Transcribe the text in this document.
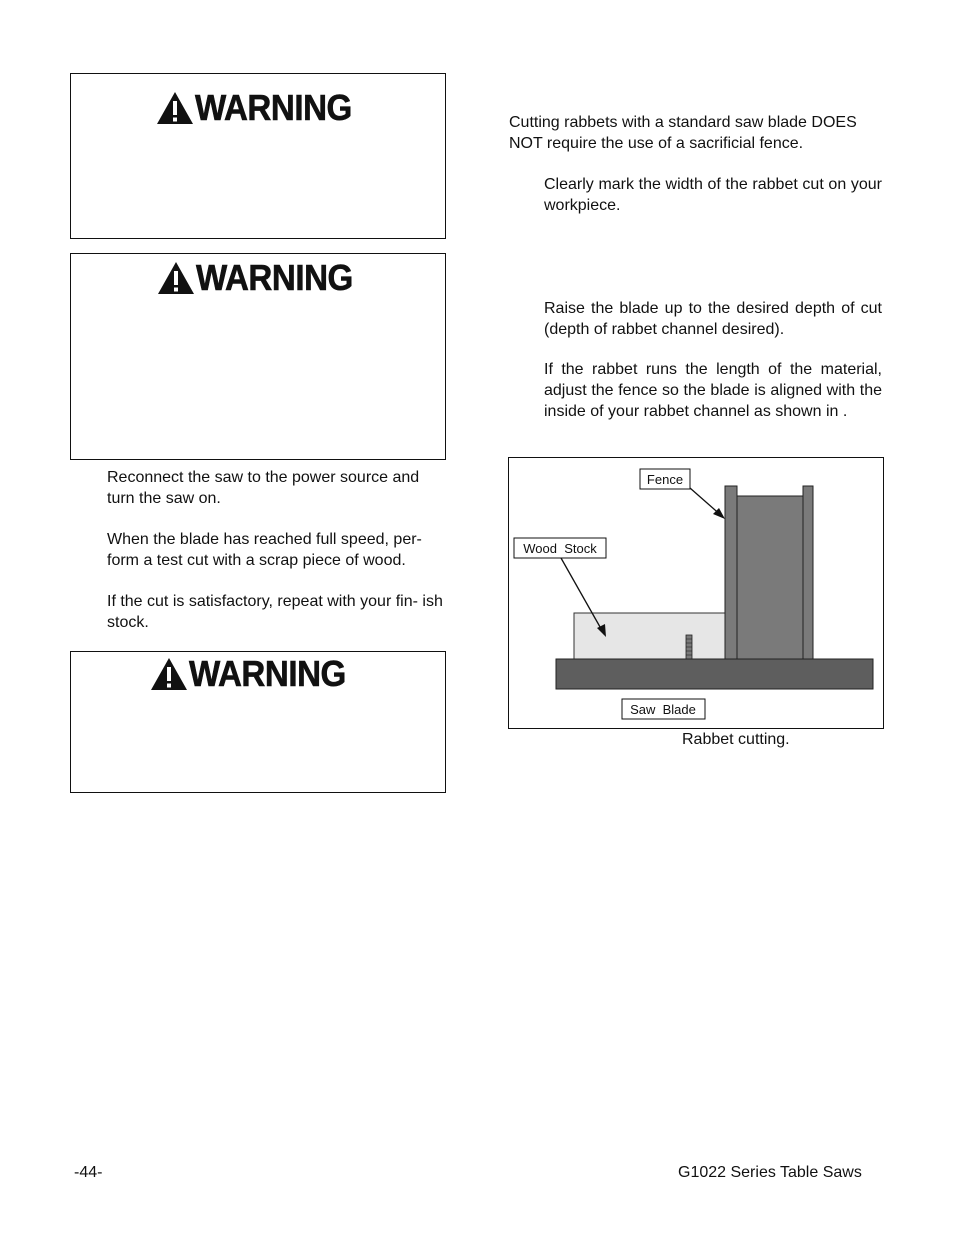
WARNING
WARNING

Reconnect the saw to the power source and turn the saw on.

When the blade has reached full speed, per- form a test cut with a scrap piece of wood.

If the cut is satisfactory, repeat with your fin- ish stock.

WARNING

Cutting rabbets with a standard saw blade DOES NOT require the use of a sacrificial fence.

Clearly mark the width of the rabbet cut on your workpiece.

Raise the blade up to the desired depth of cut (depth of rabbet channel desired).

If the rabbet runs the length of the material, adjust the fence so the blade is aligned with the inside of your rabbet channel as shown in .

Fence
Wood  Stock
Saw  Blade
Rabbet cutting.
-44-	G1022 Series Table Saws
